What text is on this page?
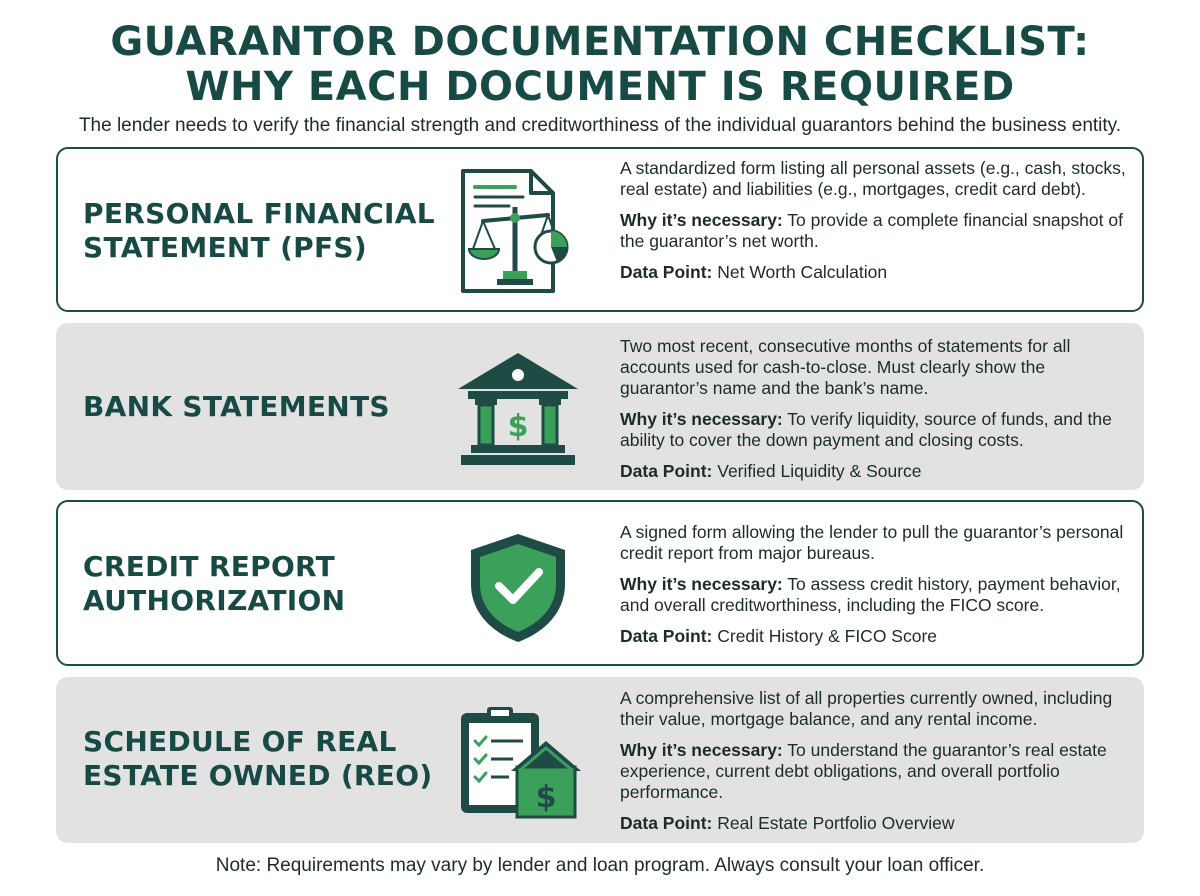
GUARANTOR DOCUMENTATION CHECKLIST:
WHY EACH DOCUMENT IS REQUIRED
The lender needs to verify the financial strength and creditworthiness of the individual guarantors behind the business entity.
PERSONAL FINANCIAL
STATEMENT (PFS)

A standardized form listing all personal assets (e.g., cash, stocks, real estate) and liabilities (e.g., mortgages, credit card debt).

Why it’s necessary: To provide a complete financial snapshot of the guarantor’s net worth.

Data Point: Net Worth Calculation

BANK STATEMENTS
$

Two most recent, consecutive months of statements for all accounts used for cash-to-close. Must clearly show the guarantor’s name and the bank’s name.

Why it’s necessary: To verify liquidity, source of funds, and the ability to cover the down payment and closing costs.

Data Point: Verified Liquidity & Source

CREDIT REPORT
AUTHORIZATION

A signed form allowing the lender to pull the guarantor’s personal credit report from major bureaus.

Why it’s necessary: To assess credit history, payment behavior, and overall creditworthiness, including the FICO score.

Data Point: Credit History & FICO Score

SCHEDULE OF REAL
ESTATE OWNED (REO)
$

A comprehensive list of all properties currently owned, including their value, mortgage balance, and any rental income.

Why it’s necessary: To understand the guarantor’s real estate experience, current debt obligations, and overall portfolio performance.

Data Point: Real Estate Portfolio Overview

Note: Requirements may vary by lender and loan program. Always consult your loan officer.
